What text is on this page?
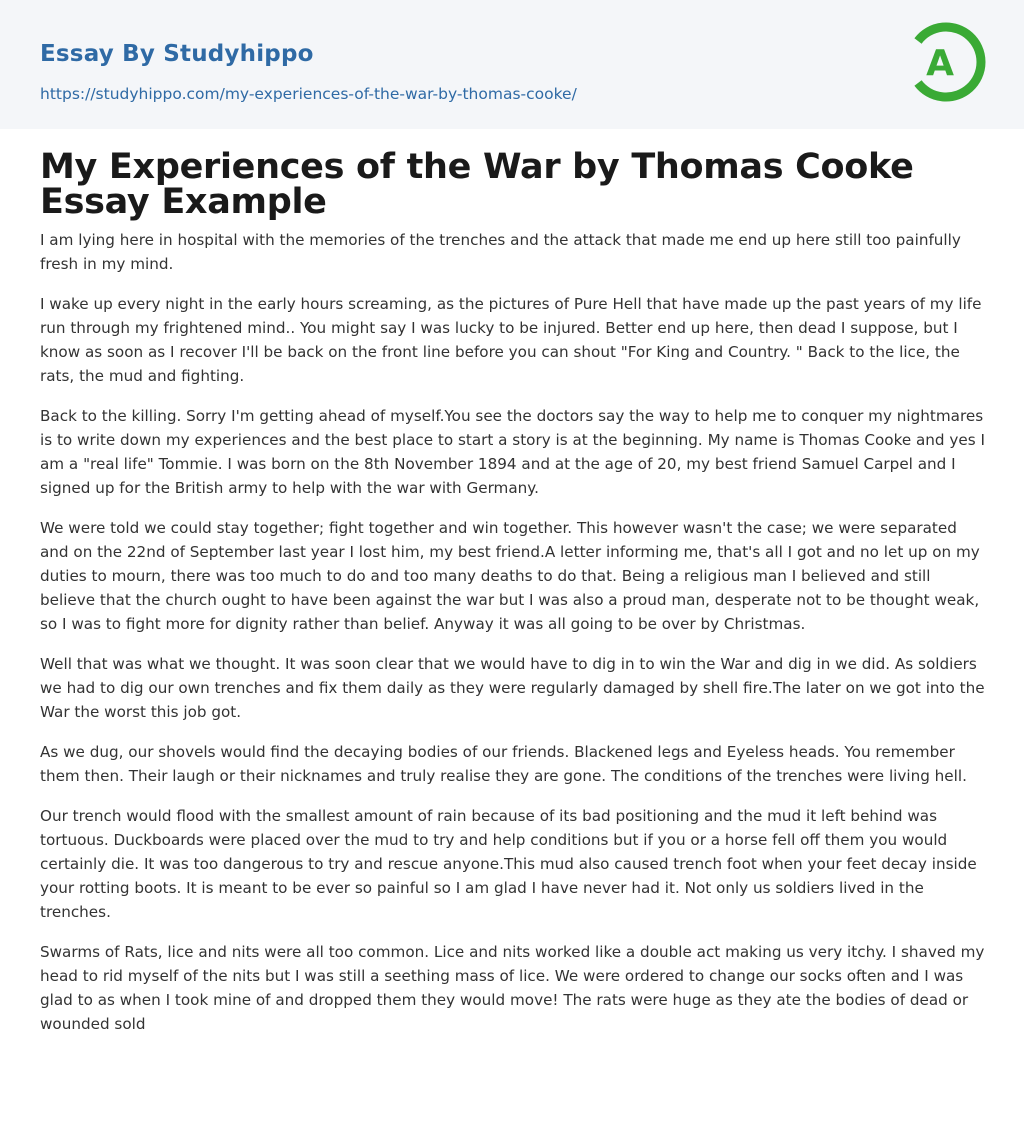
Essay By Studyhippo
https://studyhippo.com/my-experiences-of-the-war-by-thomas-cooke/
A
My Experiences of the War by Thomas Cooke Essay Example

I am lying here in hospital with the memories of the trenches and the attack that made me end up here still too painfully fresh in my mind.

I wake up every night in the early hours screaming, as the pictures of Pure Hell that have made up the past years of my life run through my frightened mind.. You might say I was lucky to be injured. Better end up here, then dead I suppose, but I know as soon as I recover I'll be back on the front line before you can shout "For King and Country. " Back to the lice, the rats, the mud and fighting.

Back to the killing. Sorry I'm getting ahead of myself.You see the doctors say the way to help me to conquer my nightmares is to write down my experiences and the best place to start a story is at the beginning. My name is Thomas Cooke and yes I am a "real life" Tommie. I was born on the 8th November 1894 and at the age of 20, my best friend Samuel Carpel and I signed up for the British army to help with the war with Germany.

We were told we could stay together; fight together and win together. This however wasn't the case; we were separated and on the 22nd of September last year I lost him, my best friend.A letter informing me, that's all I got and no let up on my duties to mourn, there was too much to do and too many deaths to do that. Being a religious man I believed and still believe that the church ought to have been against the war but I was also a proud man, desperate not to be thought weak, so I was to fight more for dignity rather than belief. Anyway it was all going to be over by Christmas.

Well that was what we thought. It was soon clear that we would have to dig in to win the War and dig in we did. As soldiers we had to dig our own trenches and fix them daily as they were regularly damaged by shell fire.The later on we got into the War the worst this job got.

As we dug, our shovels would find the decaying bodies of our friends. Blackened legs and Eyeless heads. You remember them then. Their laugh or their nicknames and truly realise they are gone. The conditions of the trenches were living hell.

Our trench would flood with the smallest amount of rain because of its bad positioning and the mud it left behind was tortuous. Duckboards were placed over the mud to try and help conditions but if you or a horse fell off them you would certainly die. It was too dangerous to try and rescue anyone.This mud also caused trench foot when your feet decay inside your rotting boots. It is meant to be ever so painful so I am glad I have never had it. Not only us soldiers lived in the trenches.

Swarms of Rats, lice and nits were all too common. Lice and nits worked like a double act making us very itchy. I shaved my head to rid myself of the nits but I was still a seething mass of lice. We were ordered to change our socks often and I was glad to as when I took mine of and dropped them they would move! The rats were huge as they ate the bodies of dead or wounded sold
